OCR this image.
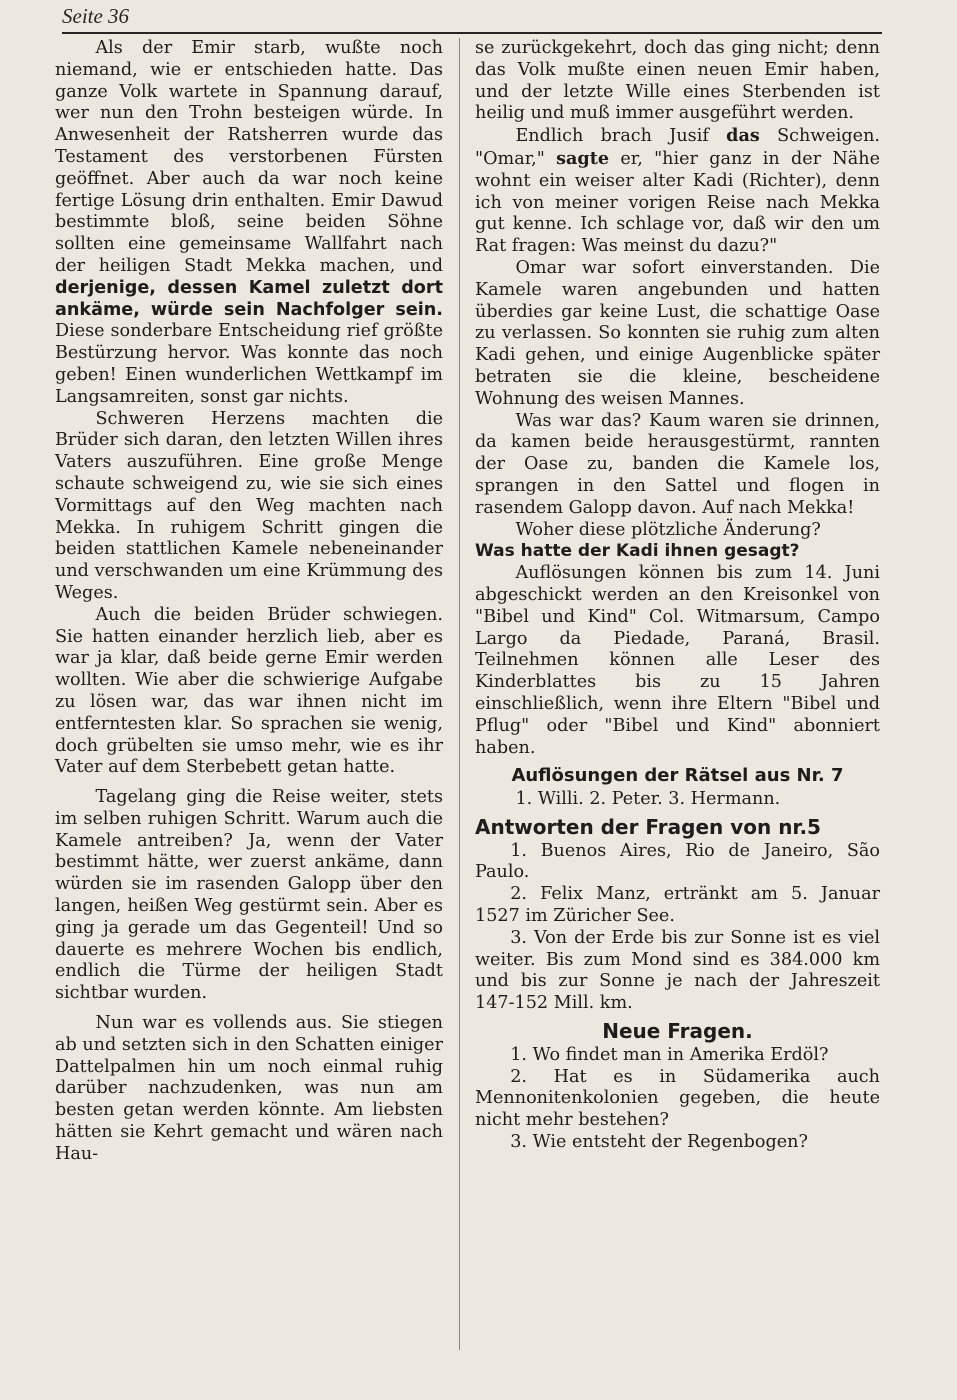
Seite 36

Als der Emir starb, wußte noch niemand, wie er entschieden hatte. Das ganze Volk wartete in Spannung darauf, wer nun den Trohn besteigen würde. In Anwesenheit der Ratsherren wurde das Testament des verstorbenen Fürsten geöffnet. Aber auch da war noch keine fertige Lösung drin enthalten. Emir Dawud bestimmte bloß, seine beiden Söhne sollten eine gemeinsame Wallfahrt nach der heiligen Stadt Mekka machen, und derjenige, dessen Kamel zuletzt dort ankäme, würde sein Nachfolger sein. Diese sonderbare Entscheidung rief größte Bestürzung hervor. Was konnte das noch geben! Einen wunderlichen Wettkampf im Langsamreiten, sonst gar nichts.

Schweren Herzens machten die Brüder sich daran, den letzten Willen ihres Vaters auszuführen. Eine große Menge schaute schweigend zu, wie sie sich eines Vormittags auf den Weg machten nach Mekka. In ruhigem Schritt gingen die beiden stattlichen Kamele nebeneinander und verschwanden um eine Krümmung des Weges.

Auch die beiden Brüder schwiegen. Sie hatten einander herzlich lieb, aber es war ja klar, daß beide gerne Emir werden wollten. Wie aber die schwierige Aufgabe zu lösen war, das war ihnen nicht im entferntesten klar. So sprachen sie wenig, doch grübelten sie umso mehr, wie es ihr Vater auf dem Sterbebett getan hatte.

Tagelang ging die Reise weiter, stets im selben ruhigen Schritt. Warum auch die Kamele antreiben? Ja, wenn der Vater bestimmt hätte, wer zuerst ankäme, dann würden sie im rasenden Galopp über den langen, heißen Weg gestürmt sein. Aber es ging ja gerade um das Gegenteil! Und so dauerte es mehrere Wochen bis endlich, endlich die Türme der heiligen Stadt sichtbar wurden.

Nun war es vollends aus. Sie stiegen ab und setzten sich in den Schatten einiger Dattelpalmen hin um noch einmal ruhig darüber nachzudenken, was nun am besten getan werden könnte. Am liebsten hätten sie Kehrt gemacht und wären nach Hau-

se zurückgekehrt, doch das ging nicht; denn das Volk mußte einen neuen Emir haben, und der letzte Wille eines Sterbenden ist heilig und muß immer ausgeführt werden.

Endlich brach Jusif das Schweigen. "Omar," sagte er, "hier ganz in der Nähe wohnt ein weiser alter Kadi (Richter), denn ich von meiner vorigen Reise nach Mekka gut kenne. Ich schlage vor, daß wir den um Rat fragen: Was meinst du dazu?"

Omar war sofort einverstanden. Die Kamele waren angebunden und hatten überdies gar keine Lust, die schattige Oase zu verlassen. So konnten sie ruhig zum alten Kadi gehen, und einige Augenblicke später betraten sie die kleine, bescheidene Wohnung des weisen Mannes.

Was war das? Kaum waren sie drinnen, da kamen beide herausgestürmt, rannten der Oase zu, banden die Kamele los, sprangen in den Sattel und flogen in rasendem Galopp davon. Auf nach Mekka!

Woher diese plötzliche Änderung?

Was hatte der Kadi ihnen gesagt?

Auflösungen können bis zum 14. Juni abgeschickt werden an den Kreisonkel von "Bibel und Kind" Col. Witmarsum, Campo Largo da Piedade, Paraná, Brasil. Teilnehmen können alle Leser des Kinderblattes bis zu 15 Jahren einschließlich, wenn ihre Eltern "Bibel und Pflug" oder "Bibel und Kind" abonniert haben.

Auflösungen der Rätsel aus Nr. 7

1. Willi. 2. Peter. 3. Hermann.

Antworten der Fragen von nr.5

1. Buenos Aires, Rio de Janeiro, São Paulo.

2. Felix Manz, ertränkt am 5. Januar 1527 im Züricher See.

3. Von der Erde bis zur Sonne ist es viel weiter. Bis zum Mond sind es 384.000 km und bis zur Sonne je nach der Jahreszeit 147-152 Mill. km.

Neue Fragen.

1. Wo findet man in Amerika Erdöl?

2. Hat es in Südamerika auch Mennonitenkolonien gegeben, die heute nicht mehr bestehen?

3. Wie entsteht der Regenbogen?
